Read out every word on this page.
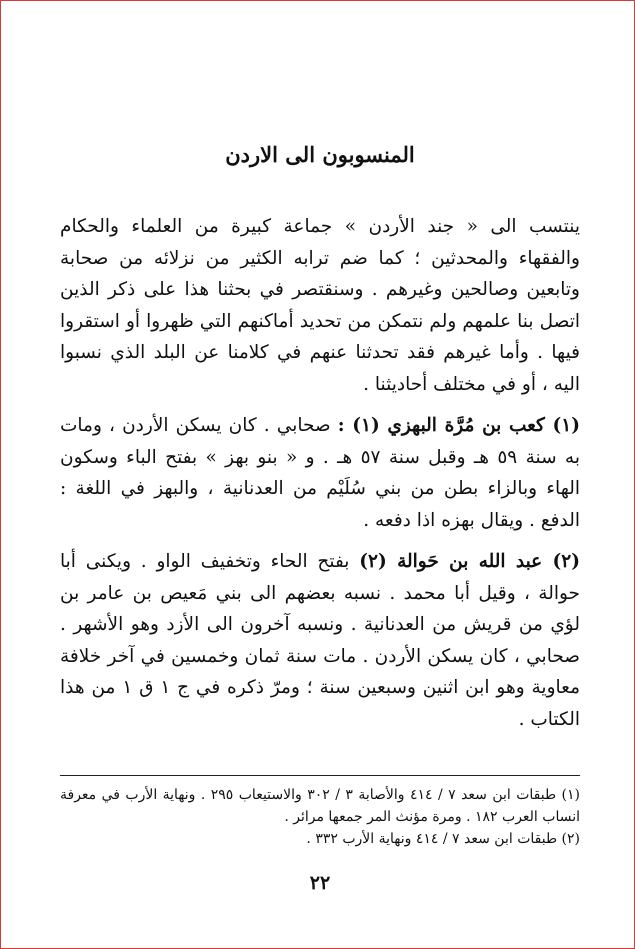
المنسوبون الى الاردن

ينتسب الى « جند الأردن » جماعة كبيرة من العلماء والحكام والفقهاء والمحدثين ؛ كما ضم ترابه الكثير من نزلائه من صحابة وتابعين وصالحين وغيرهم . وسنقتصر في بحثنا هذا على ذكر الذين اتصل بنا علمهم ولم نتمكن من تحديد أماكنهم التي ظهروا أو استقروا فيها . وأما غيرهم فقد تحدثنا عنهم في كلامنا عن البلد الذي نسبوا اليه ، أو في مختلف أحاديثنا .

(١) كعب بن مُرَّة البهزي (١) : صحابي . كان يسكن الأردن ، ومات به سنة ٥٩ هـ وقبل سنة ٥٧ هـ . و « بنو بهز » بفتح الباء وسكون الهاء وبالزاء بطن من بني سُلَيْم من العدنانية ، والبهز في اللغة : الدفع . ويقال بهزه اذا دفعه .

(٢) عبد الله بن حَوالة (٢) بفتح الحاء وتخفيف الواو . ويكنى أبا حوالة ، وقيل أبا محمد . نسبه بعضهم الى بني مَعيص بن عامر بن لؤي من قريش من العدنانية . ونسبه آخرون الى الأزد وهو الأشهر . صحابي ، كان يسكن الأردن . مات سنة ثمان وخمسين في آخر خلافة معاوية وهو ابن اثنين وسبعين سنة ؛ ومرّ ذكره في ج ١ ق ١ من هذا الكتاب .

(١) طبقات ابن سعد ٧ / ٤١٤ والأصابة ٣ / ٣٠٢ والاستيعاب ٢٩٥ . ونهاية الأرب في معرفة انساب العرب ١٨٢ . ومرة مؤنث المر جمعها مرائر .

(٢) طبقات ابن سعد ٧ / ٤١٤ ونهاية الأرب ٣٣٢ .

٢٢
